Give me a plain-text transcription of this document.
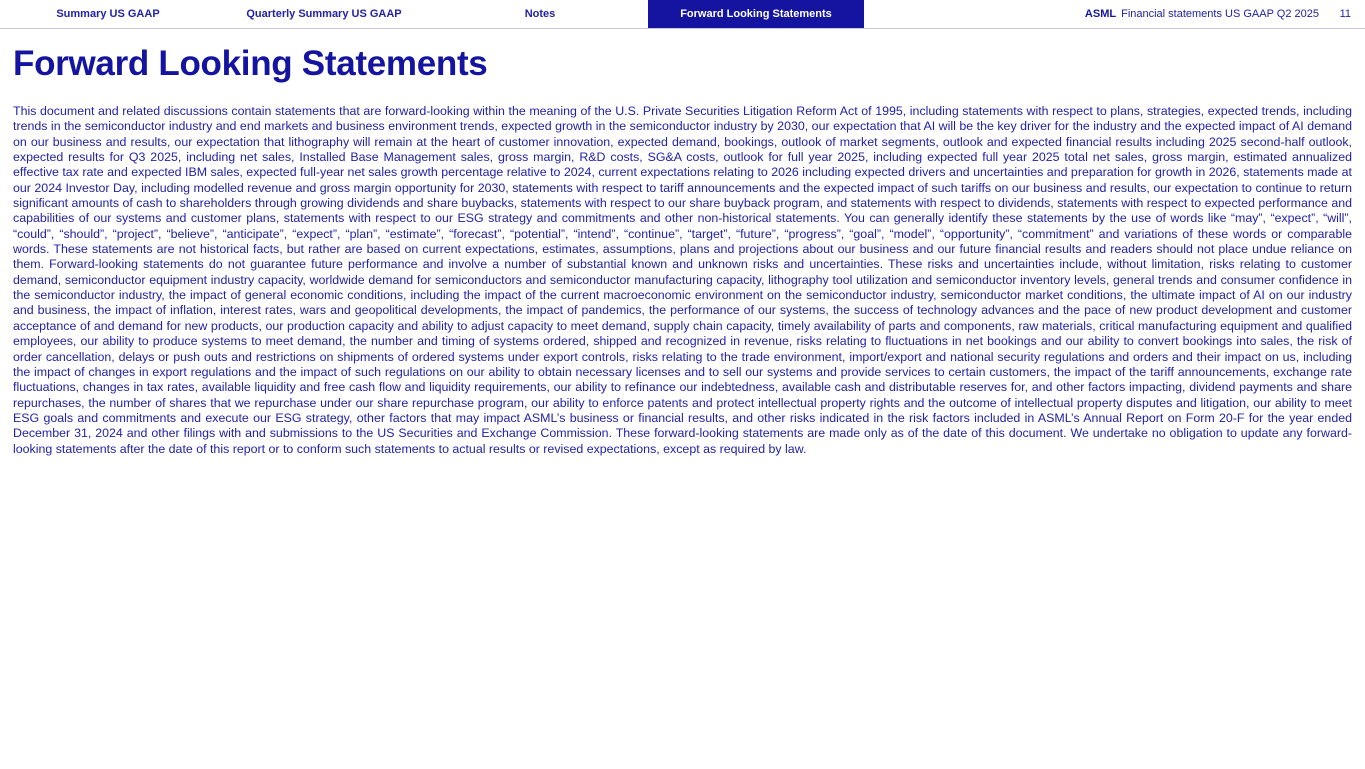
Summary US GAAP	Quarterly Summary US GAAP	Notes	Forward Looking Statements	ASML Financial statements US GAAP Q2 2025 11
Forward Looking Statements
This document and related discussions contain statements that are forward-looking within the meaning of the U.S. Private Securities Litigation Reform Act of 1995, including statements with respect to plans, strategies, expected trends, including trends in the semiconductor industry and end markets and business environment trends, expected growth in the semiconductor industry by 2030, our expectation that AI will be the key driver for the industry and the expected impact of AI demand on our business and results, our expectation that lithography will remain at the heart of customer innovation, expected demand, bookings, outlook of market segments, outlook and expected financial results including 2025 second-half outlook, expected results for Q3 2025, including net sales, Installed Base Management sales, gross margin, R&D costs, SG&A costs, outlook for full year 2025, including expected full year 2025 total net sales, gross margin, estimated annualized effective tax rate and expected IBM sales, expected full-year net sales growth percentage relative to 2024, current expectations relating to 2026 including expected drivers and uncertainties and preparation for growth in 2026, statements made at our 2024 Investor Day, including modelled revenue and gross margin opportunity for 2030, statements with respect to tariff announcements and the expected impact of such tariffs on our business and results, our expectation to continue to return significant amounts of cash to shareholders through growing dividends and share buybacks, statements with respect to our share buyback program, and statements with respect to dividends, statements with respect to expected performance and capabilities of our systems and customer plans, statements with respect to our ESG strategy and commitments and other non-historical statements. You can generally identify these statements by the use of words like “may”, “expect”, “will”, “could”, “should”, “project”, “believe”, “anticipate”, “expect”, “plan”, “estimate”, “forecast”, “potential”, “intend”, “continue”, “target”, “future”, “progress”, “goal”, “model”, “opportunity”, “commitment” and variations of these words or comparable words. These statements are not historical facts, but rather are based on current expectations, estimates, assumptions, plans and projections about our business and our future financial results and readers should not place undue reliance on them. Forward-looking statements do not guarantee future performance and involve a number of substantial known and unknown risks and uncertainties. These risks and uncertainties include, without limitation, risks relating to customer demand, semiconductor equipment industry capacity, worldwide demand for semiconductors and semiconductor manufacturing capacity, lithography tool utilization and semiconductor inventory levels, general trends and consumer confidence in the semiconductor industry, the impact of general economic conditions, including the impact of the current macroeconomic environment on the semiconductor industry, semiconductor market conditions, the ultimate impact of AI on our industry and business, the impact of inflation, interest rates, wars and geopolitical developments, the impact of pandemics, the performance of our systems, the success of technology advances and the pace of new product development and customer acceptance of and demand for new products, our production capacity and ability to adjust capacity to meet demand, supply chain capacity, timely availability of parts and components, raw materials, critical manufacturing equipment and qualified employees, our ability to produce systems to meet demand, the number and timing of systems ordered, shipped and recognized in revenue, risks relating to fluctuations in net bookings and our ability to convert bookings into sales, the risk of order cancellation, delays or push outs and restrictions on shipments of ordered systems under export controls, risks relating to the trade environment, import/export and national security regulations and orders and their impact on us, including the impact of changes in export regulations and the impact of such regulations on our ability to obtain necessary licenses and to sell our systems and provide services to certain customers, the impact of the tariff announcements, exchange rate fluctuations, changes in tax rates, available liquidity and free cash flow and liquidity requirements, our ability to refinance our indebtedness, available cash and distributable reserves for, and other factors impacting, dividend payments and share repurchases, the number of shares that we repurchase under our share repurchase program, our ability to enforce patents and protect intellectual property rights and the outcome of intellectual property disputes and litigation, our ability to meet ESG goals and commitments and execute our ESG strategy, other factors that may impact ASML’s business or financial results, and other risks indicated in the risk factors included in ASML’s Annual Report on Form 20-F for the year ended December 31, 2024 and other filings with and submissions to the US Securities and Exchange Commission. These forward-looking statements are made only as of the date of this document. We undertake no obligation to update any forward-looking statements after the date of this report or to conform such statements to actual results or revised expectations, except as required by law.
